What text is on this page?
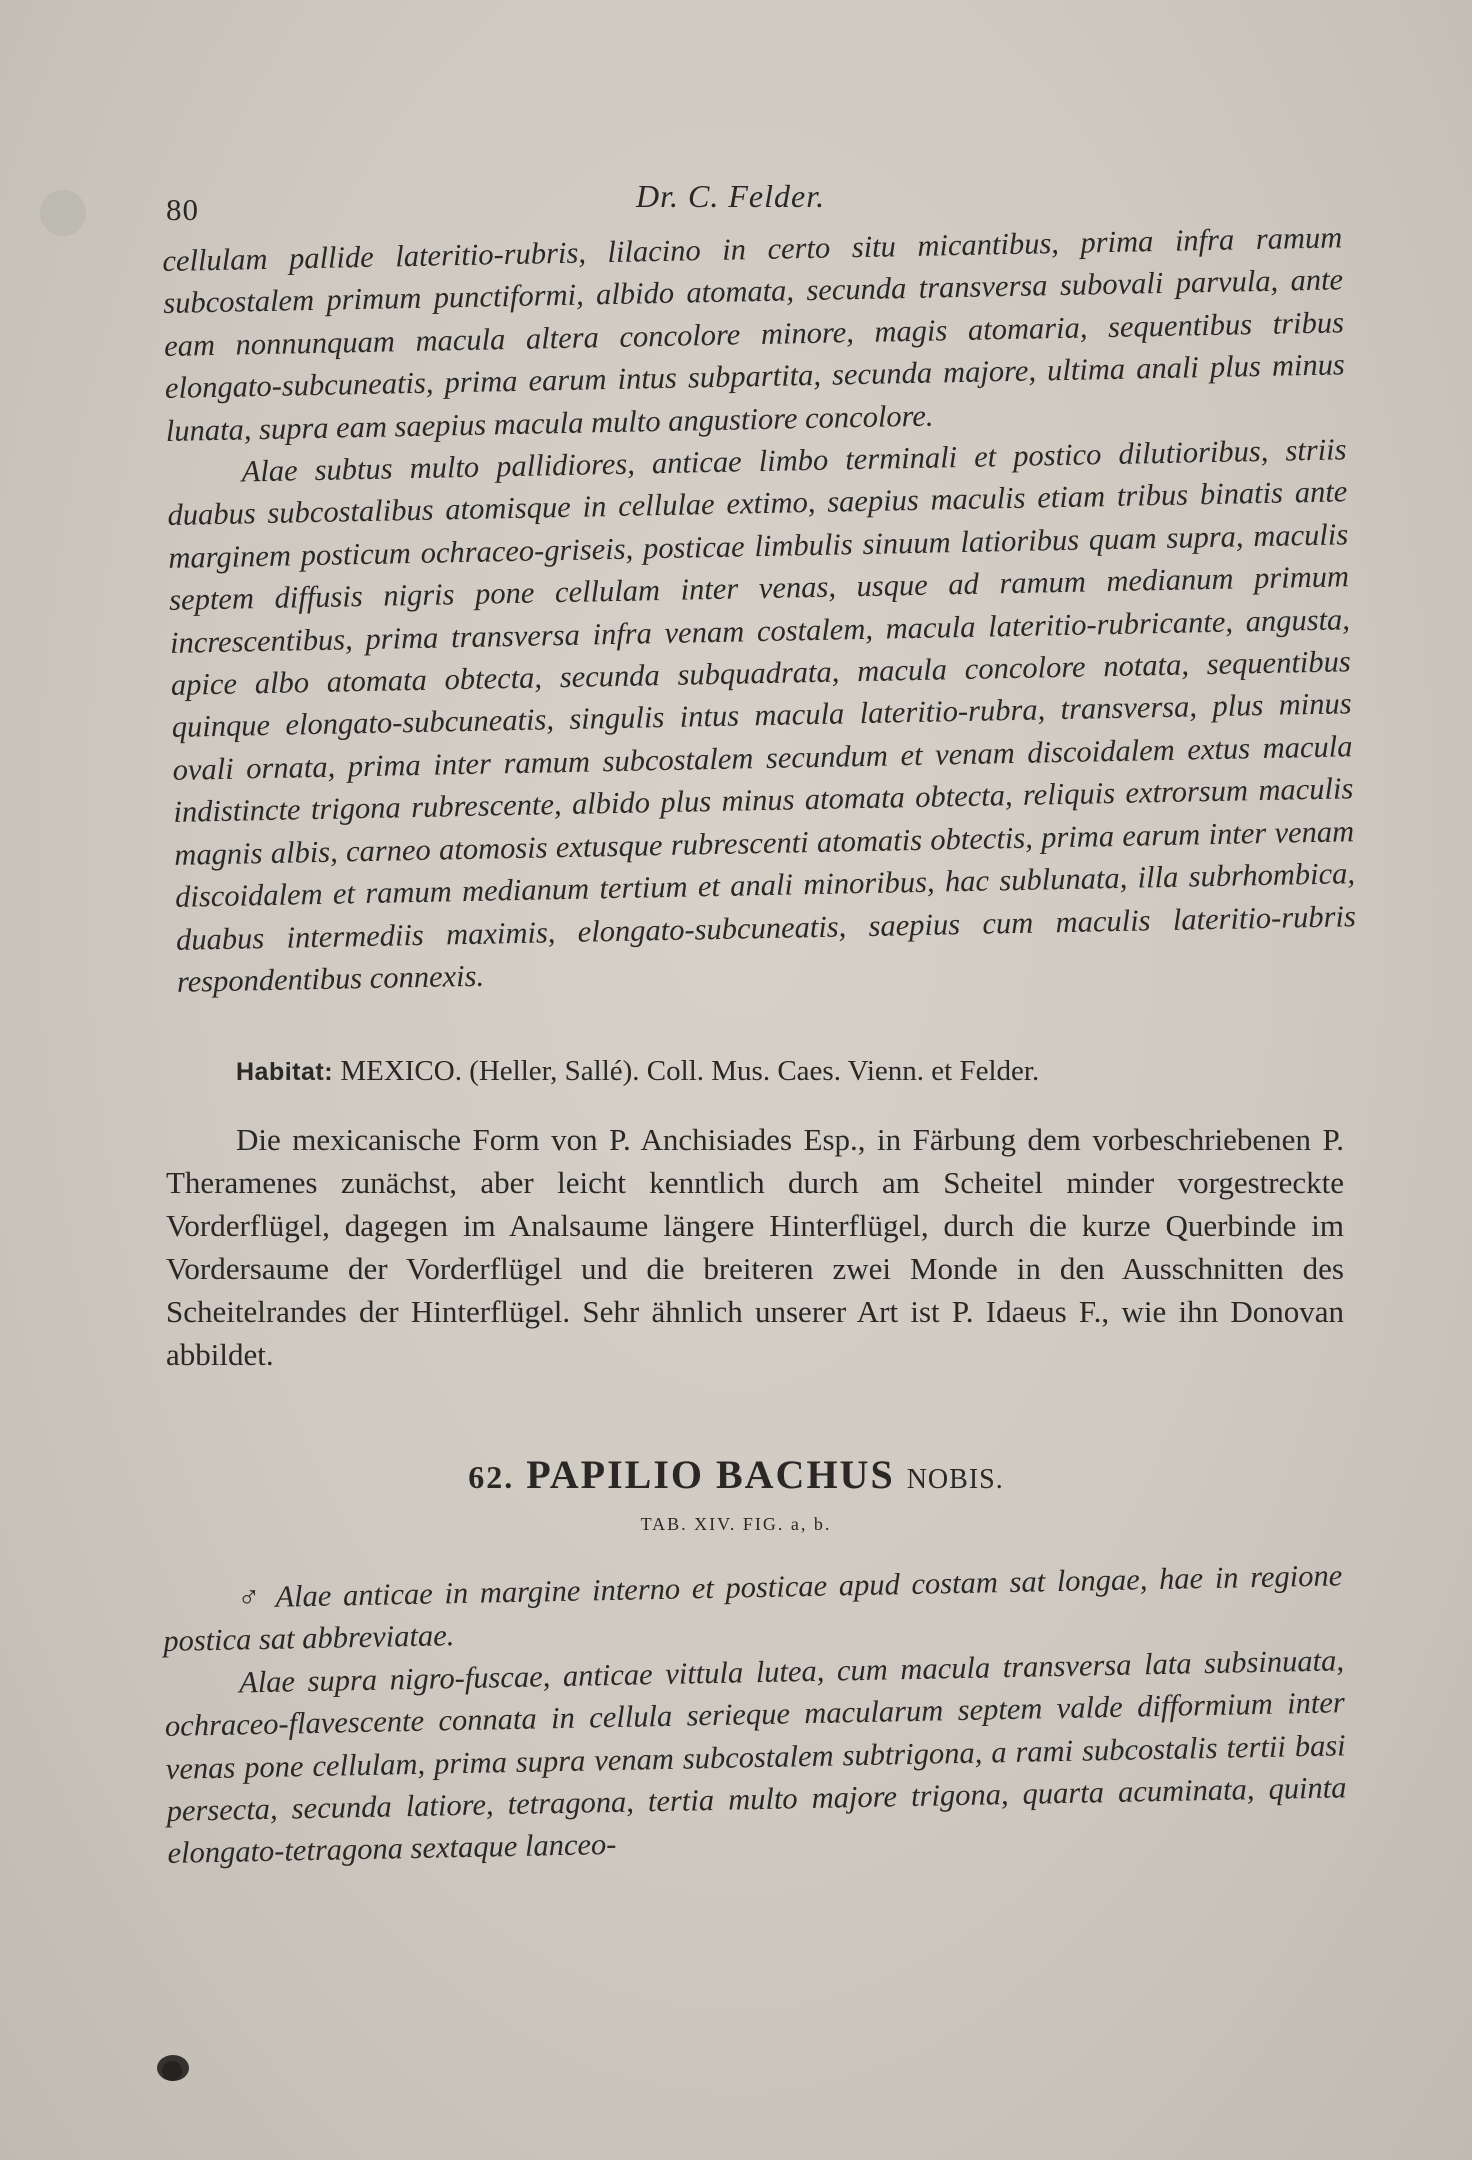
80	Dr. C. Felder.

cellulam pallide lateritio-rubris, lilacino in certo situ micantibus, prima infra ramum subcostalem primum punctiformi, albido atomata, secunda transversa subovali parvula, ante eam nonnunquam macula altera concolore minore, magis atomaria, sequentibus tribus elongato-subcuneatis, prima earum intus subpartita, secunda majore, ultima anali plus minus lunata, supra eam saepius macula multo angustiore concolore.

Alae subtus multo pallidiores, anticae limbo terminali et postico dilutioribus, striis duabus subcostalibus atomisque in cellulae extimo, saepius maculis etiam tribus binatis ante marginem posticum ochraceo-griseis, posticae limbulis sinuum latioribus quam supra, maculis septem diffusis nigris pone cellulam inter venas, usque ad ramum medianum primum increscentibus, prima transversa infra venam costalem, macula lateritio-rubricante, angusta, apice albo atomata obtecta, secunda subquadrata, macula concolore notata, sequentibus quinque elongato-subcuneatis, singulis intus macula lateritio-rubra, transversa, plus minus ovali ornata, prima inter ramum subcostalem secundum et venam discoidalem extus macula indistincte trigona rubrescente, albido plus minus atomata obtecta, reliquis extrorsum maculis magnis albis, carneo atomosis extusque rubrescenti atomatis obtectis, prima earum inter venam discoidalem et ramum medianum tertium et anali minoribus, hac sublunata, illa subrhombica, duabus intermediis maximis, elongato-subcuneatis, saepius cum maculis lateritio-rubris respondentibus connexis.

Habitat: MEXICO. (Heller, Sallé). Coll. Mus. Caes. Vienn. et Felder.

Die mexicanische Form von P. Anchisiades Esp., in Färbung dem vorbeschriebenen P. Theramenes zunächst, aber leicht kenntlich durch am Scheitel minder vorgestreckte Vorderflügel, dagegen im Analsaume längere Hinterflügel, durch die kurze Querbinde im Vordersaume der Vorderflügel und die breiteren zwei Monde in den Ausschnitten des Scheitelrandes der Hinterflügel. Sehr ähnlich unserer Art ist P. Idaeus F., wie ihn Donovan abbildet.

62. PAPILIO BACHUS NOBIS.
TAB. XIV. FIG. a, b.

♂ Alae anticae in margine interno et posticae apud costam sat longae, hae in regione postica sat abbreviatae.

Alae supra nigro-fuscae, anticae vittula lutea, cum macula transversa lata subsinuata, ochraceo-flavescente connata in cellula serieque macularum septem valde difformium inter venas pone cellulam, prima supra venam subcostalem subtrigona, a rami subcostalis tertii basi persecta, secunda latiore, tetragona, tertia multo majore trigona, quarta acuminata, quinta elongato-tetragona sextaque lanceo-
